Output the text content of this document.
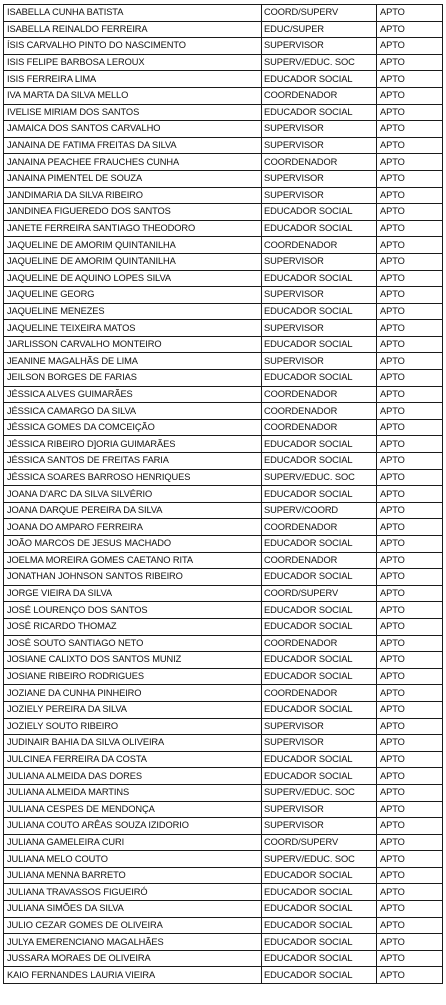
ISABELLA CUNHA BATISTA	COORD/SUPERV	APTO
ISABELLA REINALDO FERREIRA	EDUC/SUPER	APTO
ÍSIS CARVALHO PINTO DO NASCIMENTO	SUPERVISOR	APTO
ISIS FELIPE BARBOSA LEROUX	SUPERV/EDUC. SOC	APTO
ISIS FERREIRA LIMA	EDUCADOR SOCIAL	APTO
IVA MARTA DA SILVA MELLO	COORDENADOR	APTO
IVELISE MIRIAM DOS SANTOS	EDUCADOR SOCIAL	APTO
JAMAICA DOS SANTOS CARVALHO	SUPERVISOR	APTO
JANAINA DE FATIMA FREITAS DA SILVA	SUPERVISOR	APTO
JANAINA PEACHEE FRAUCHES CUNHA	COORDENADOR	APTO
JANAINA PIMENTEL DE SOUZA	SUPERVISOR	APTO
JANDIMARIA DA SILVA RIBEIRO	SUPERVISOR	APTO
JANDINEA FIGUEREDO DOS SANTOS	EDUCADOR SOCIAL	APTO
JANETE FERREIRA SANTIAGO THEODORO	EDUCADOR SOCIAL	APTO
JAQUELINE DE AMORIM QUINTANILHA	COORDENADOR	APTO
JAQUELINE DE AMORIM QUINTANILHA	SUPERVISOR	APTO
JAQUELINE DE AQUINO LOPES SILVA	EDUCADOR SOCIAL	APTO
JAQUELINE GEORG	SUPERVISOR	APTO
JAQUELINE MENEZES	EDUCADOR SOCIAL	APTO
JAQUELINE TEIXEIRA MATOS	SUPERVISOR	APTO
JARLISSON CARVALHO MONTEIRO	EDUCADOR SOCIAL	APTO
JEANINE MAGALHÃS DE LIMA	SUPERVISOR	APTO
JEILSON BORGES DE FARIAS	EDUCADOR SOCIAL	APTO
JÉSSICA ALVES GUIMARÃES	COORDENADOR	APTO
JÉSSICA CAMARGO DA SILVA	COORDENADOR	APTO
JÉSSICA GOMES DA COMCEIÇÃO	COORDENADOR	APTO
JÉSSICA RIBEIRO D]ORIA GUIMARÃES	EDUCADOR SOCIAL	APTO
JÉSSICA SANTOS DE FREITAS FARIA	EDUCADOR SOCIAL	APTO
JÉSSICA SOARES BARROSO HENRIQUES	SUPERV/EDUC. SOC	APTO
JOANA D'ARC DA SILVA SILVÉRIO	EDUCADOR SOCIAL	APTO
JOANA DARQUE PEREIRA DA SILVA	SUPERV/COORD	APTO
JOANA DO AMPARO FERREIRA	COORDENADOR	APTO
JOÃO MARCOS DE JESUS MACHADO	EDUCADOR SOCIAL	APTO
JOELMA MOREIRA GOMES CAETANO RITA	COORDENADOR	APTO
JONATHAN JOHNSON SANTOS RIBEIRO	EDUCADOR SOCIAL	APTO
JORGE VIEIRA DA SILVA	COORD/SUPERV	APTO
JOSÉ LOURENÇO DOS SANTOS	EDUCADOR SOCIAL	APTO
JOSÉ RICARDO THOMAZ	EDUCADOR SOCIAL	APTO
JOSÉ SOUTO SANTIAGO NETO	COORDENADOR	APTO
JOSIANE CALIXTO DOS SANTOS MUNIZ	EDUCADOR SOCIAL	APTO
JOSIANE RIBEIRO RODRIGUES	EDUCADOR SOCIAL	APTO
JOZIANE DA CUNHA PINHEIRO	COORDENADOR	APTO
JOZIELY PEREIRA DA SILVA	EDUCADOR SOCIAL	APTO
JOZIELY SOUTO RIBEIRO	SUPERVISOR	APTO
JUDINAIR BAHIA DA SILVA OLIVEIRA	SUPERVISOR	APTO
JULCINEA FERREIRA DA COSTA	EDUCADOR SOCIAL	APTO
JULIANA ALMEIDA DAS DORES	EDUCADOR SOCIAL	APTO
JULIANA ALMEIDA MARTINS	SUPERV/EDUC. SOC	APTO
JULIANA CESPES DE MENDONÇA	SUPERVISOR	APTO
JULIANA COUTO ARÊAS SOUZA IZIDORIO	SUPERVISOR	APTO
JULIANA GAMELEIRA CURI	COORD/SUPERV	APTO
JULIANA MELO COUTO	SUPERV/EDUC. SOC	APTO
JULIANA MENNA BARRETO	EDUCADOR SOCIAL	APTO
JULIANA TRAVASSOS FIGUEIRÓ	EDUCADOR SOCIAL	APTO
JULIANA SIMÕES DA SILVA	EDUCADOR SOCIAL	APTO
JULIO CEZAR GOMES DE OLIVEIRA	EDUCADOR SOCIAL	APTO
JULYA EMERENCIANO MAGALHÃES	EDUCADOR SOCIAL	APTO
JUSSARA MORAES DE OLIVEIRA	EDUCADOR SOCIAL	APTO
KAIO FERNANDES LAURIA VIEIRA	EDUCADOR SOCIAL	APTO
